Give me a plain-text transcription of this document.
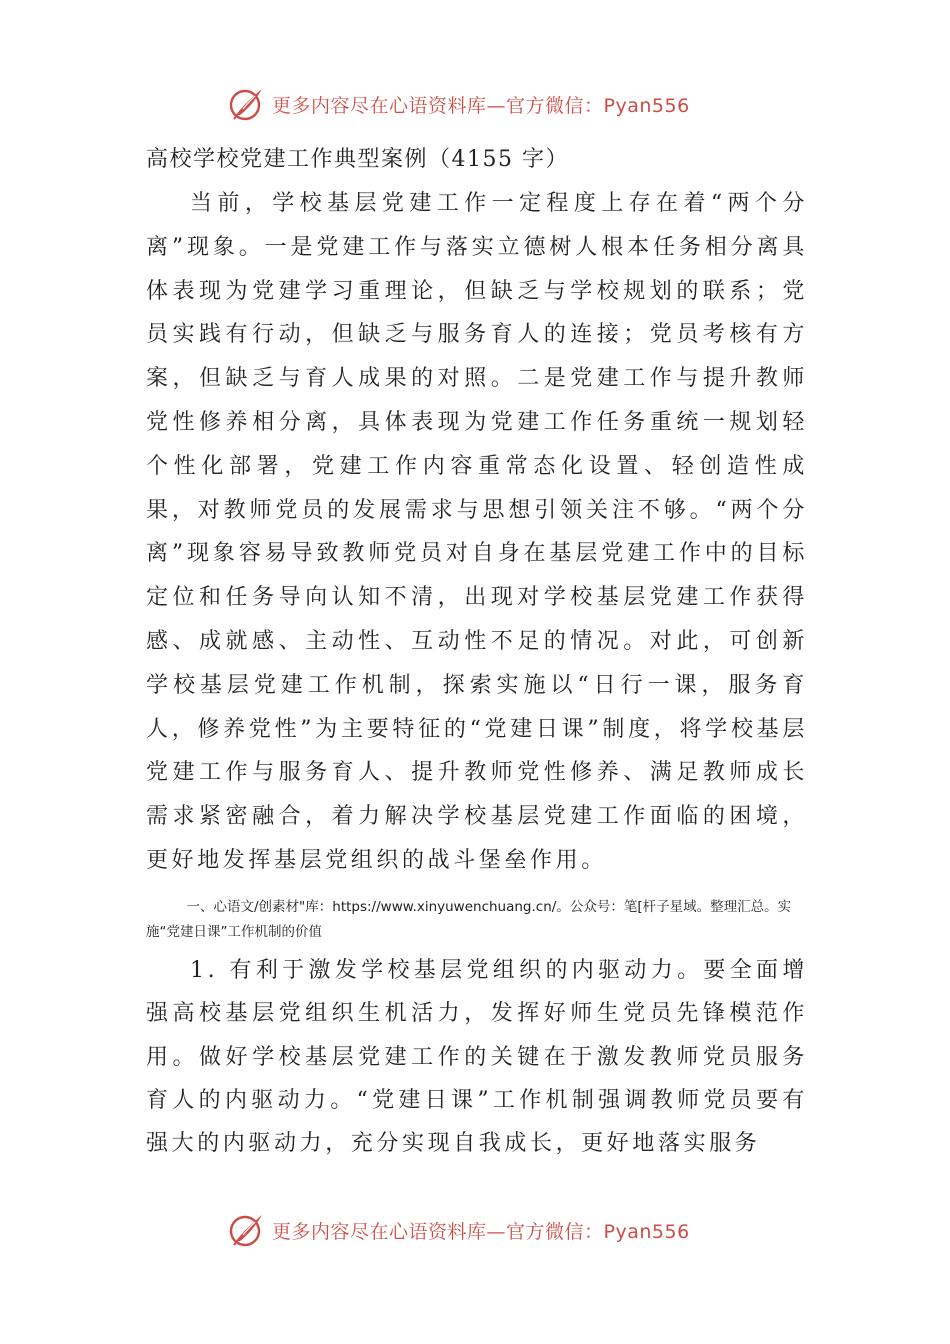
更多内容尽在心语资料库—官方微信：Pyan556
高校学校党建工作典型案例（4155 字）

当前，学校基层党建工作一定程度上存在着“两个分离”现象。一是党建工作与落实立德树人根本任务相分离具体表现为党建学习重理论，但缺乏与学校规划的联系；党员实践有行动，但缺乏与服务育人的连接；党员考核有方案，但缺乏与育人成果的对照。二是党建工作与提升教师党性修养相分离，具体表现为党建工作任务重统一规划轻个性化部署，党建工作内容重常态化设置、轻创造性成果，对教师党员的发展需求与思想引领关注不够。“两个分离”现象容易导致教师党员对自身在基层党建工作中的目标定位和任务导向认知不清，出现对学校基层党建工作获得感、成就感、主动性、互动性不足的情况。对此，可创新学校基层党建工作机制，探索实施以“日行一课，服务育人，修养党性”为主要特征的“党建日课”制度，将学校基层党建工作与服务育人、提升教师党性修养、满足教师成长需求紧密融合，着力解决学校基层党建工作面临的困境，更好地发挥基层党组织的战斗堡垒作用。

一、心语文/创素材"库：https://www.xinyuwenchuang.cn/。公众号：笔[杆子星域。整理汇总。实施“党建日课”工作机制的价值

1. 有利于激发学校基层党组织的内驱动力。要全面增强高校基层党组织生机活力，发挥好师生党员先锋模范作用。做好学校基层党建工作的关键在于激发教师党员服务育人的内驱动力。“党建日课”工作机制强调教师党员要有强大的内驱动力，充分实现自我成长，更好地落实服务

更多内容尽在心语资料库—官方微信：Pyan556
